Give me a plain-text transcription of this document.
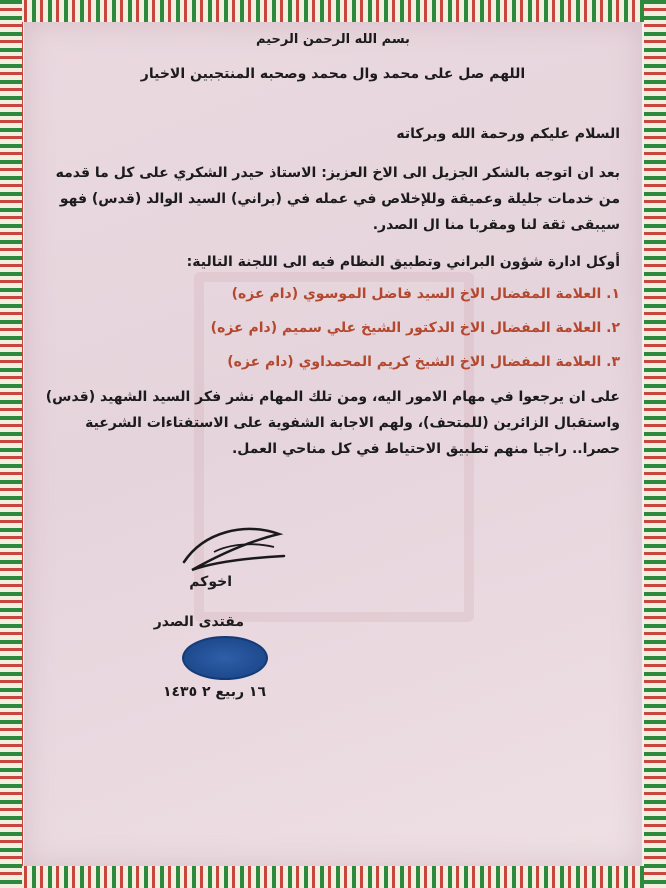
بسم الله الرحمن الرحيم
اللهم صل على محمد وال محمد وصحبه المنتجبين الاخيار
السلام عليكم ورحمة الله وبركاته
بعد ان اتوجه بالشكر الجزيل الى الاخ العزيز: الاستاذ حيدر الشكري على كل ما قدمه من خدمات جليلة وعميقة وللإخلاص في عمله في (براني) السيد الوالد (قدس) فهو سيبقى ثقة لنا ومقربا منا ال الصدر.
أوكل ادارة شؤون البراني وتطبيق النظام فيه الى اللجنة التالية:
١. العلامة المفضال الاخ السيد فاضل الموسوي (دام عزه)
٢. العلامة المفضال الاخ الدكتور الشيخ علي سميم (دام عزه)
٣. العلامة المفضال الاخ الشيخ كريم المحمداوي (دام عزه)
على ان يرجعوا في مهام الامور اليه، ومن تلك المهام نشر فكر السيد الشهيد (قدس) واستقبال الزائرين (للمتحف)، ولهم الاجابة الشفوية على الاستفتاءات الشرعية حصرا.. راجيا منهم تطبيق الاحتياط في كل مناحي العمل.
اخوكم
مقتدى الصدر
١٦ ربيع ٢ ١٤٣٥
